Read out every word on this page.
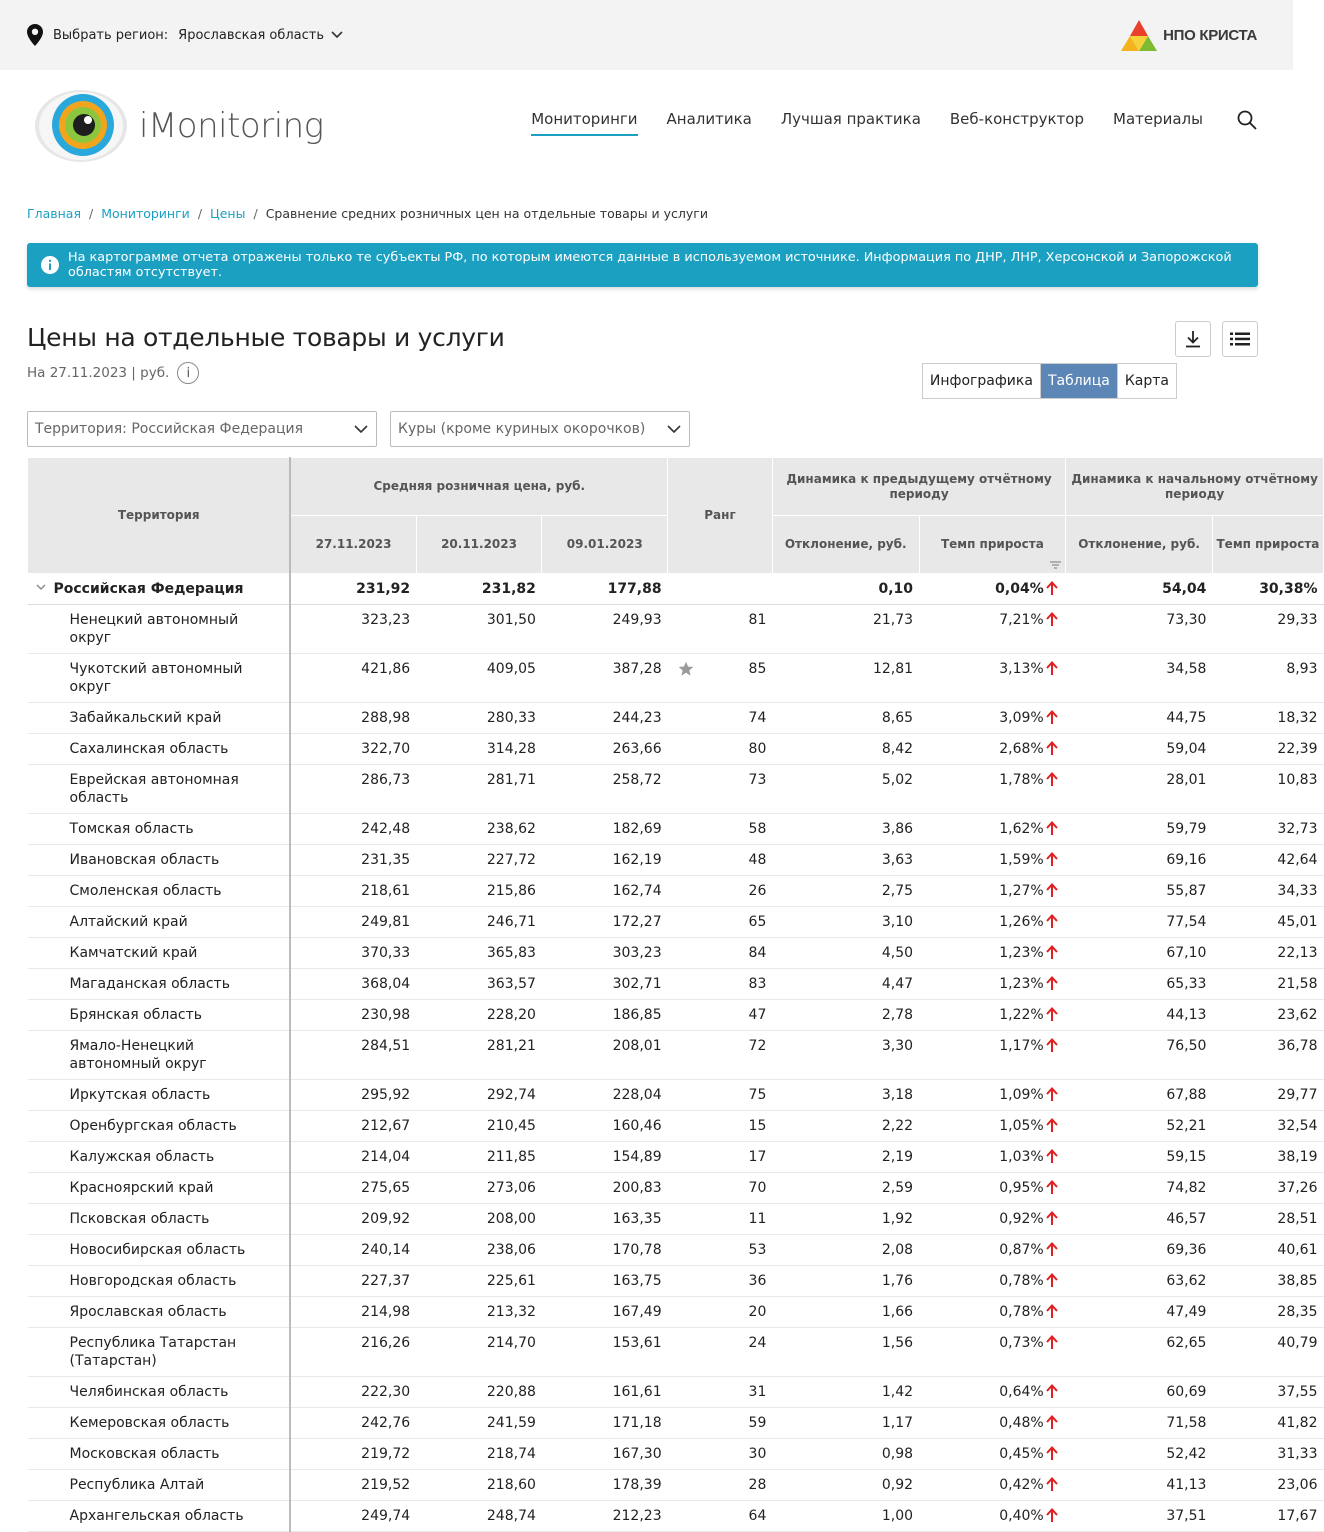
Выбрать регион: Ярославская область	НПО КРИСТА
iMonitoring	Мониторинги Аналитика Лучшая практика Веб-конструктор Материалы
Главная / Мониторинги / Цены / Сравнение средних розничных цен на отдельные товары и услуги
На картограмме отчета отражены только те субъекты РФ, по которым имеются данные в используемом источнике. Информация по ДНР, ЛНР, Херсонской и Запорожской областям отсутствует.
Цены на отдельные товары и услуги
На 27.11.2023 | руб.	i	Инфографика	Таблица	Карта
Территория: Российская Федерация	Куры (кроме куриных окорочков)
Территория	Средняя розничная цена, руб.			Ранг	Динамика к предыдущему отчётному периоду		Динамика к начальному отчётному периоду	
	27.11.2023	20.11.2023	09.01.2023		Отклонение, руб.	Темп прироста	Отклонение, руб.	Темп прироста
Российская Федерация	231,92	231,82	177,88		0,10	0,04%	54,04	30,38%
Ненецкий автономный округ	323,23	301,50	249,93	81	21,73	7,21%	73,30	29,33
Чукотский автономный округ	421,86	409,05	387,28	85	12,81	3,13%	34,58	8,93
Забайкальский край	288,98	280,33	244,23	74	8,65	3,09%	44,75	18,32
Сахалинская область	322,70	314,28	263,66	80	8,42	2,68%	59,04	22,39
Еврейская автономная область	286,73	281,71	258,72	73	5,02	1,78%	28,01	10,83
Томская область	242,48	238,62	182,69	58	3,86	1,62%	59,79	32,73
Ивановская область	231,35	227,72	162,19	48	3,63	1,59%	69,16	42,64
Смоленская область	218,61	215,86	162,74	26	2,75	1,27%	55,87	34,33
Алтайский край	249,81	246,71	172,27	65	3,10	1,26%	77,54	45,01
Камчатский край	370,33	365,83	303,23	84	4,50	1,23%	67,10	22,13
Магаданская область	368,04	363,57	302,71	83	4,47	1,23%	65,33	21,58
Брянская область	230,98	228,20	186,85	47	2,78	1,22%	44,13	23,62
Ямало-Ненецкий автономный округ	284,51	281,21	208,01	72	3,30	1,17%	76,50	36,78
Иркутская область	295,92	292,74	228,04	75	3,18	1,09%	67,88	29,77
Оренбургская область	212,67	210,45	160,46	15	2,22	1,05%	52,21	32,54
Калужская область	214,04	211,85	154,89	17	2,19	1,03%	59,15	38,19
Красноярский край	275,65	273,06	200,83	70	2,59	0,95%	74,82	37,26
Псковская область	209,92	208,00	163,35	11	1,92	0,92%	46,57	28,51
Новосибирская область	240,14	238,06	170,78	53	2,08	0,87%	69,36	40,61
Новгородская область	227,37	225,61	163,75	36	1,76	0,78%	63,62	38,85
Ярославская область	214,98	213,32	167,49	20	1,66	0,78%	47,49	28,35
Республика Татарстан (Татарстан)	216,26	214,70	153,61	24	1,56	0,73%	62,65	40,79
Челябинская область	222,30	220,88	161,61	31	1,42	0,64%	60,69	37,55
Кемеровская область	242,76	241,59	171,18	59	1,17	0,48%	71,58	41,82
Московская область	219,72	218,74	167,30	30	0,98	0,45%	52,42	31,33
Республика Алтай	219,52	218,60	178,39	28	0,92	0,42%	41,13	23,06
Архангельская область	249,74	248,74	212,23	64	1,00	0,40%	37,51	17,67
